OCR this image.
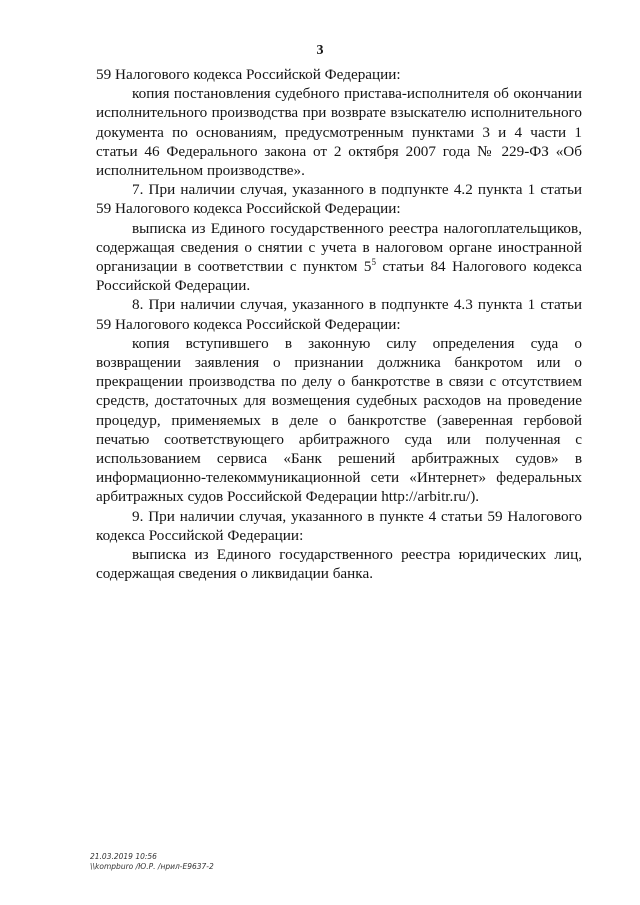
3

59 Налогового кодекса Российской Федерации:

копия постановления судебного пристава-исполнителя об окончании исполнительного производства при возврате взыскателю исполнительного документа по основаниям, предусмотренным пунктами 3 и 4 части 1 статьи 46 Федерального закона от 2 октября 2007 года № 229-ФЗ «Об исполнительном производстве».

7. При наличии случая, указанного в подпункте 4.2 пункта 1 статьи 59 Налогового кодекса Российской Федерации:

выписка из Единого государственного реестра налогоплательщиков, содержащая сведения о снятии с учета в налоговом органе иностранной организации в соответствии с пунктом $5^5$ статьи 84 Налогового кодекса Российской Федерации.

8. При наличии случая, указанного в подпункте 4.3 пункта 1 статьи 59 Налогового кодекса Российской Федерации:

копия вступившего в законную силу определения суда о возвращении заявления о признании должника банкротом или о прекращении производства по делу о банкротстве в связи с отсутствием средств, достаточных для возмещения судебных расходов на проведение процедур, применяемых в деле о банкротстве (заверенная гербовой печатью соответствующего арбитражного суда или полученная с использованием сервиса «Банк решений арбитражных судов» в информационно-телекоммуникационной сети «Интернет» федеральных арбитражных судов Российской Федерации http://arbitr.ru/).

9. При наличии случая, указанного в пункте 4 статьи 59 Налогового кодекса Российской Федерации:

выписка из Единого государственного реестра юридических лиц, содержащая сведения о ликвидации банка.

21.03.2019 10:56
\\kompburo /Ю.Р. /нрил-E9637-2
